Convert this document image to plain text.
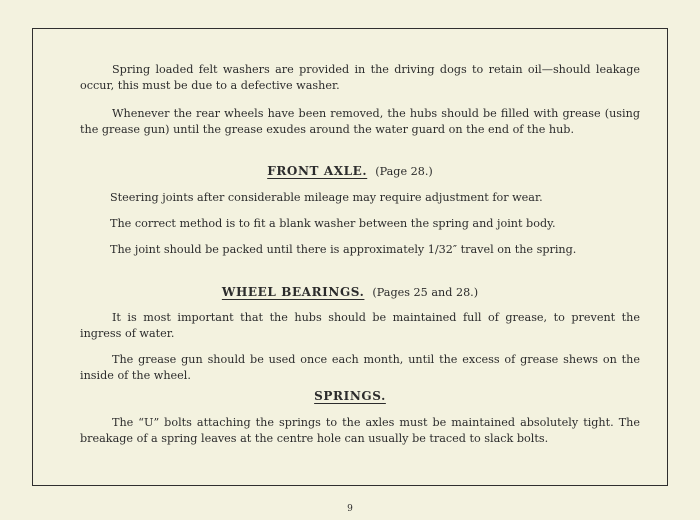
Spring loaded felt washers are provided in the driving dogs to retain oil—should leakage occur, this must be due to a defective washer.

Whenever the rear wheels have been removed, the hubs should be filled with grease (using the grease gun) until the grease exudes around the water guard on the end of the hub.

FRONT AXLE. (Page 28.)

Steering joints after considerable mileage may require adjustment for wear.

The correct method is to fit a blank washer between the spring and joint body.

The joint should be packed until there is approximately 1/32″ travel on the spring.

WHEEL BEARINGS. (Pages 25 and 28.)

It is most important that the hubs should be maintained full of grease, to prevent the ingress of water.

The grease gun should be used once each month, until the excess of grease shews on the inside of the wheel.

SPRINGS.

The “U” bolts attaching the springs to the axles must be maintained absolutely tight. The breakage of a spring leaves at the centre hole can usually be traced to slack bolts.

9
